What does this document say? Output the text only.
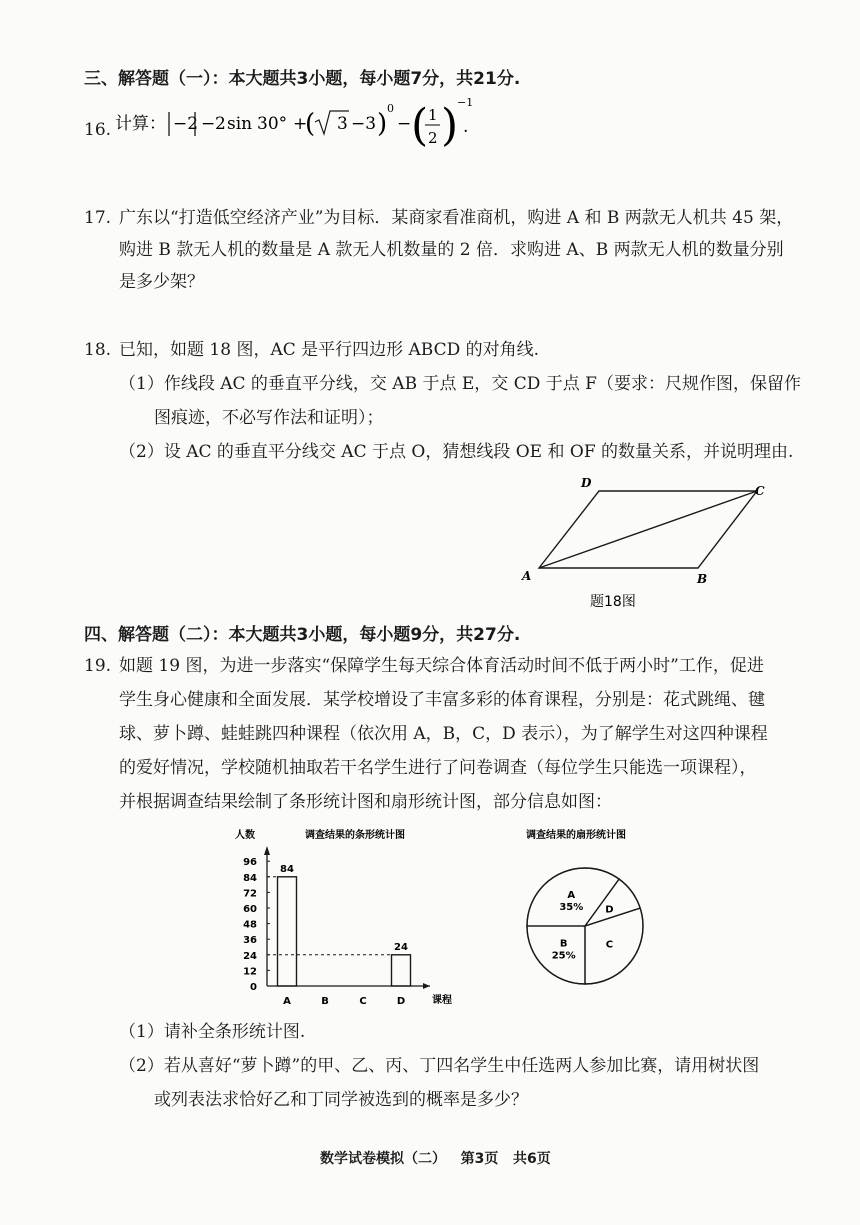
三、解答题（一）：本大题共3小题，每小题7分，共21分.
16. 计算： −2 − 2 sin 30° +
( 3 −3 )
0
− ( 1
2 )
−1
.
17. 广东以“打造低空经济产业”为目标．某商家看准商机，购进 A 和 B 两款无人机共 45 架，
购进 B 款无人机的数量是 A 款无人机数量的 2 倍．求购进 A、B 两款无人机的数量分别
是多少架？
18. 已知，如题 18 图，AC 是平行四边形 ABCD 的对角线.
（1）作线段 AC 的垂直平分线，交 AB 于点 E，交 CD 于点 F（要求：尺规作图，保留作
图痕迹，不必写作法和证明）；
（2）设 AC 的垂直平分线交 AC 于点 O，猜想线段 OE 和 OF 的数量关系，并说明理由.
A	B
C
D
题18图
四、解答题（二）：本大题共3小题，每小题9分，共27分.
19. 如题 19 图，为进一步落实“保障学生每天综合体育活动时间不低于两小时”工作，促进
学生身心健康和全面发展．某学校增设了丰富多彩的体育课程，分别是：花式跳绳、毽
球、萝卜蹲、蛙蛙跳四种课程（依次用 A，B，C，D 表示），为了解学生对这四种课程
的爱好情况，学校随机抽取若干名学生进行了问卷调查（每位学生只能选一项课程），
并根据调查结果绘制了条形统计图和扇形统计图，部分信息如图：
人数	调查结果的条形统计图
课程
0
12
24
36
48
60
72
84
96
A	B	C	D
84
24
调查结果的扇形统计图
A
35% D
C
B
25%
（1）请补全条形统计图.
（2）若从喜好“萝卜蹲”的甲、乙、丙、丁四名学生中任选两人参加比赛，请用树状图
或列表法求恰好乙和丁同学被选到的概率是多少？
数学试卷模拟（二）   第3页   共6页
